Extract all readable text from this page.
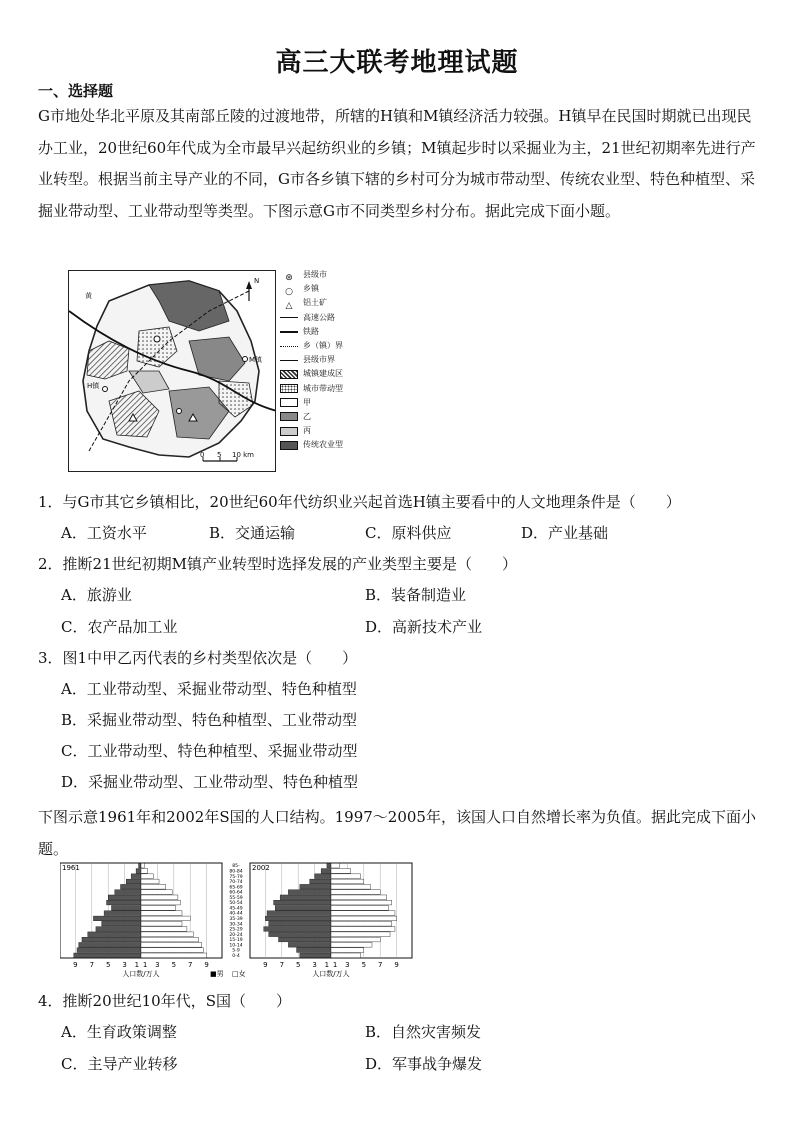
高三大联考地理试题
一、选择题

G市地处华北平原及其南部丘陵的过渡地带，所辖的H镇和M镇经济活力较强。H镇早在民国时期就已出现民办工业，20世纪60年代成为全市最早兴起纺织业的乡镇；M镇起步时以采掘业为主，21世纪初期率先进行产业转型。根据当前主导产业的不同，G市各乡镇下辖的乡村可分为城市带动型、传统农业型、特色种植型、采掘业带动型、工业带动型等类型。下图示意G市不同类型乡村分布。据此完成下面小题。

黄
H镇
M镇
N
0 5 10 km
⊛	县级市
○	乡镇
△	铝土矿
高速公路
铁路
乡（镇）界
县级市界
城镇建成区
城市带动型
甲
乙
丙
传统农业型
1．与G市其它乡镇相比，20世纪60年代纺织业兴起首选H镇主要看中的人文地理条件是（　　）
A．工资水平	B．交通运输	C．原料供应	D．产业基础
2．推断21世纪初期M镇产业转型时选择发展的产业类型主要是（　　）
A．旅游业	B．装备制造业
C．农产品加工业	D．高新技术产业
3．图1中甲乙丙代表的乡村类型依次是（　　）
A．工业带动型、采掘业带动型、特色种植型
B．采掘业带动型、特色种植型、工业带动型
C．工业带动型、特色种植型、采掘业带动型
D．采掘业带动型、工业带动型、特色种植型

下图示意1961年和2002年S国的人口结构。1997～2005年，该国人口自然增长率为负值。据此完成下面小题。

1961
9 7 5 3 1 1 3 5 7 9
人口数/万人
2002
9 7 5 3 1 1 3 5 7 9
人口数/万人
85-
80-84
75-79
70-74
65-69
60-64
55-59
50-54
45-49
40-44
35-39
30-34
25-29
20-24
15-19
10-14
5-9
0-4
■男 □女
4．推断20世纪10年代，S国（　　）
A．生育政策调整	B．自然灾害频发
C．主导产业转移	D．军事战争爆发
